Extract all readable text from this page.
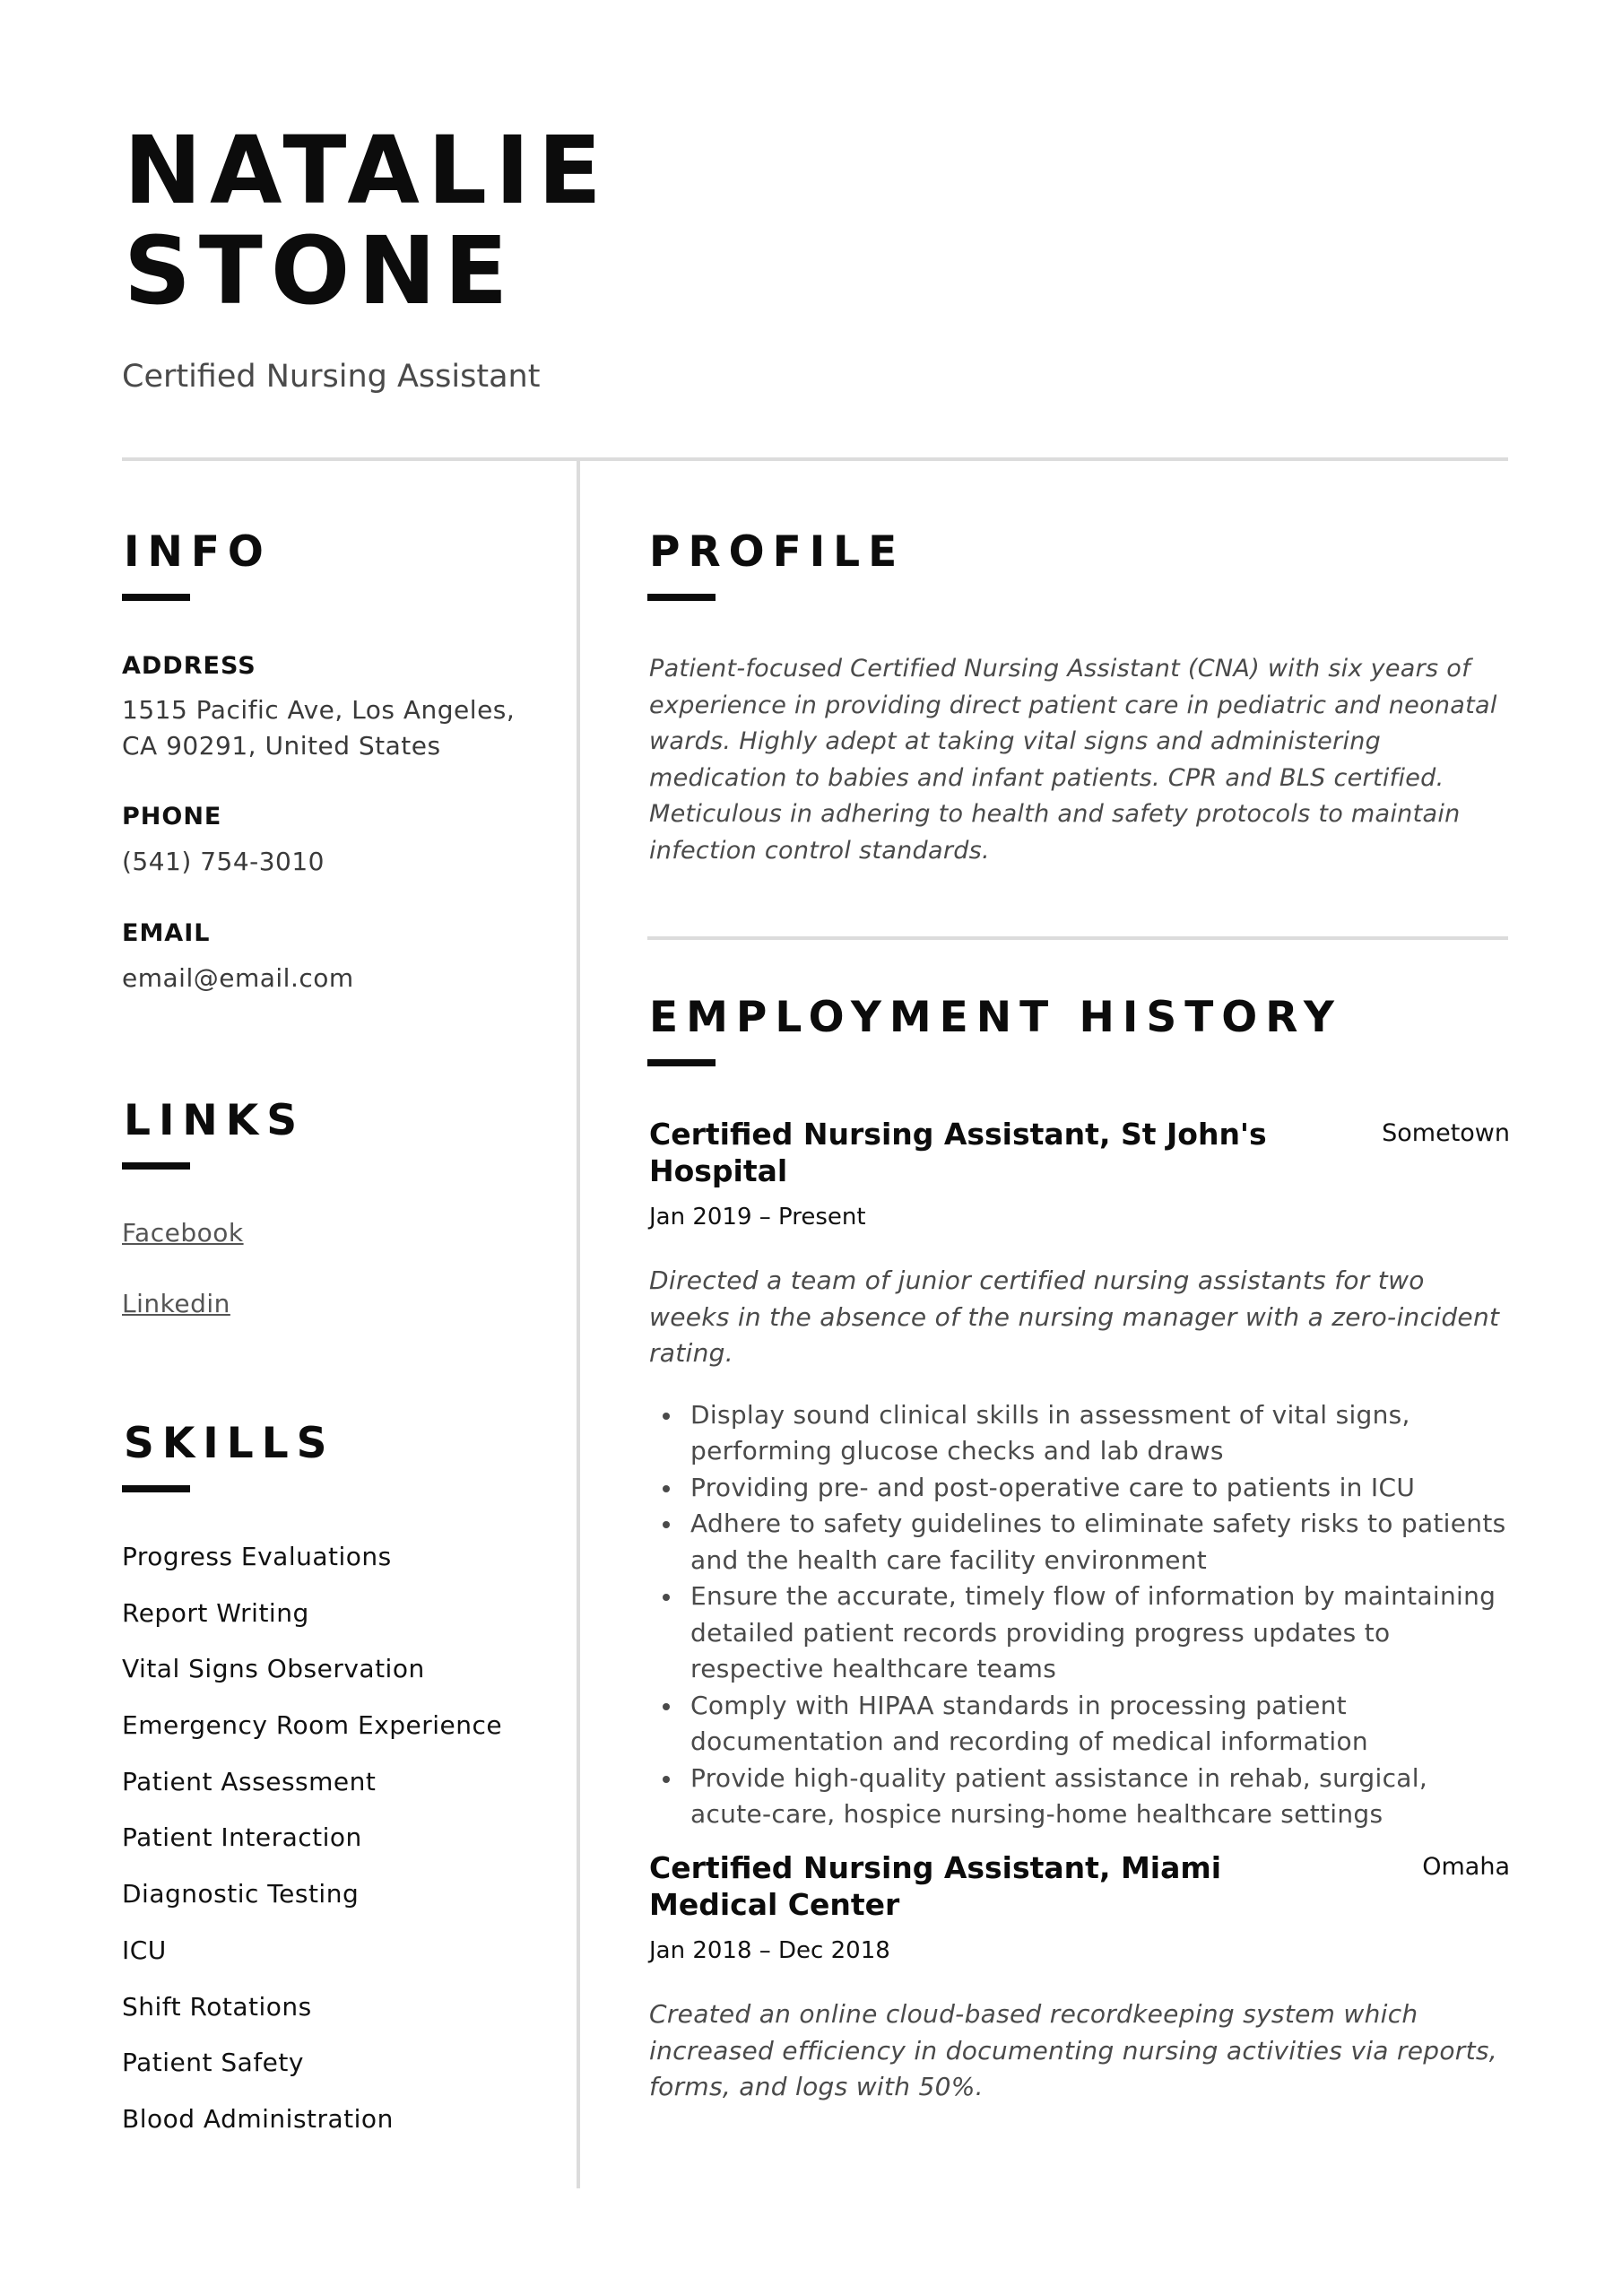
NATALIE
STONE
Certified Nursing Assistant
INFO
ADDRESS
1515 Pacific Ave, Los Angeles,
CA 90291, United States
PHONE
(541) 754-3010
EMAIL
email@email.com
LINKS
Facebook
Linkedin
SKILLS
Progress Evaluations
Report Writing
Vital Signs Observation
Emergency Room Experience
Patient Assessment
Patient Interaction
Diagnostic Testing
ICU
Shift Rotations
Patient Safety
Blood Administration
PROFILE

Patient-focused Certified Nursing Assistant (CNA) with six years of experience in providing direct patient care in pediatric and neonatal wards. Highly adept at taking vital signs and administering medication to babies and infant patients. CPR and BLS certified. Meticulous in adhering to health and safety protocols to maintain infection control standards.

EMPLOYMENT HISTORY
Certified Nursing Assistant, St John's Hospital
Sometown
Jan 2019 – Present

Directed a team of junior certified nursing assistants for two weeks in the absence of the nursing manager with a zero-incident rating.

Display sound clinical skills in assessment of vital signs, performing glucose checks and lab draws
Providing pre- and post-operative care to patients in ICU
Adhere to safety guidelines to eliminate safety risks to patients and the health care facility environment
Ensure the accurate, timely flow of information by maintaining detailed patient records providing progress updates to respective healthcare teams
Comply with HIPAA standards in processing patient documentation and recording of medical information
Provide high-quality patient assistance in rehab, surgical, acute-care, hospice nursing-home healthcare settings
Certified Nursing Assistant, Miami Medical Center
Omaha
Jan 2018 – Dec 2018

Created an online cloud-based recordkeeping system which increased efficiency in documenting nursing activities via reports, forms, and logs with 50%.
